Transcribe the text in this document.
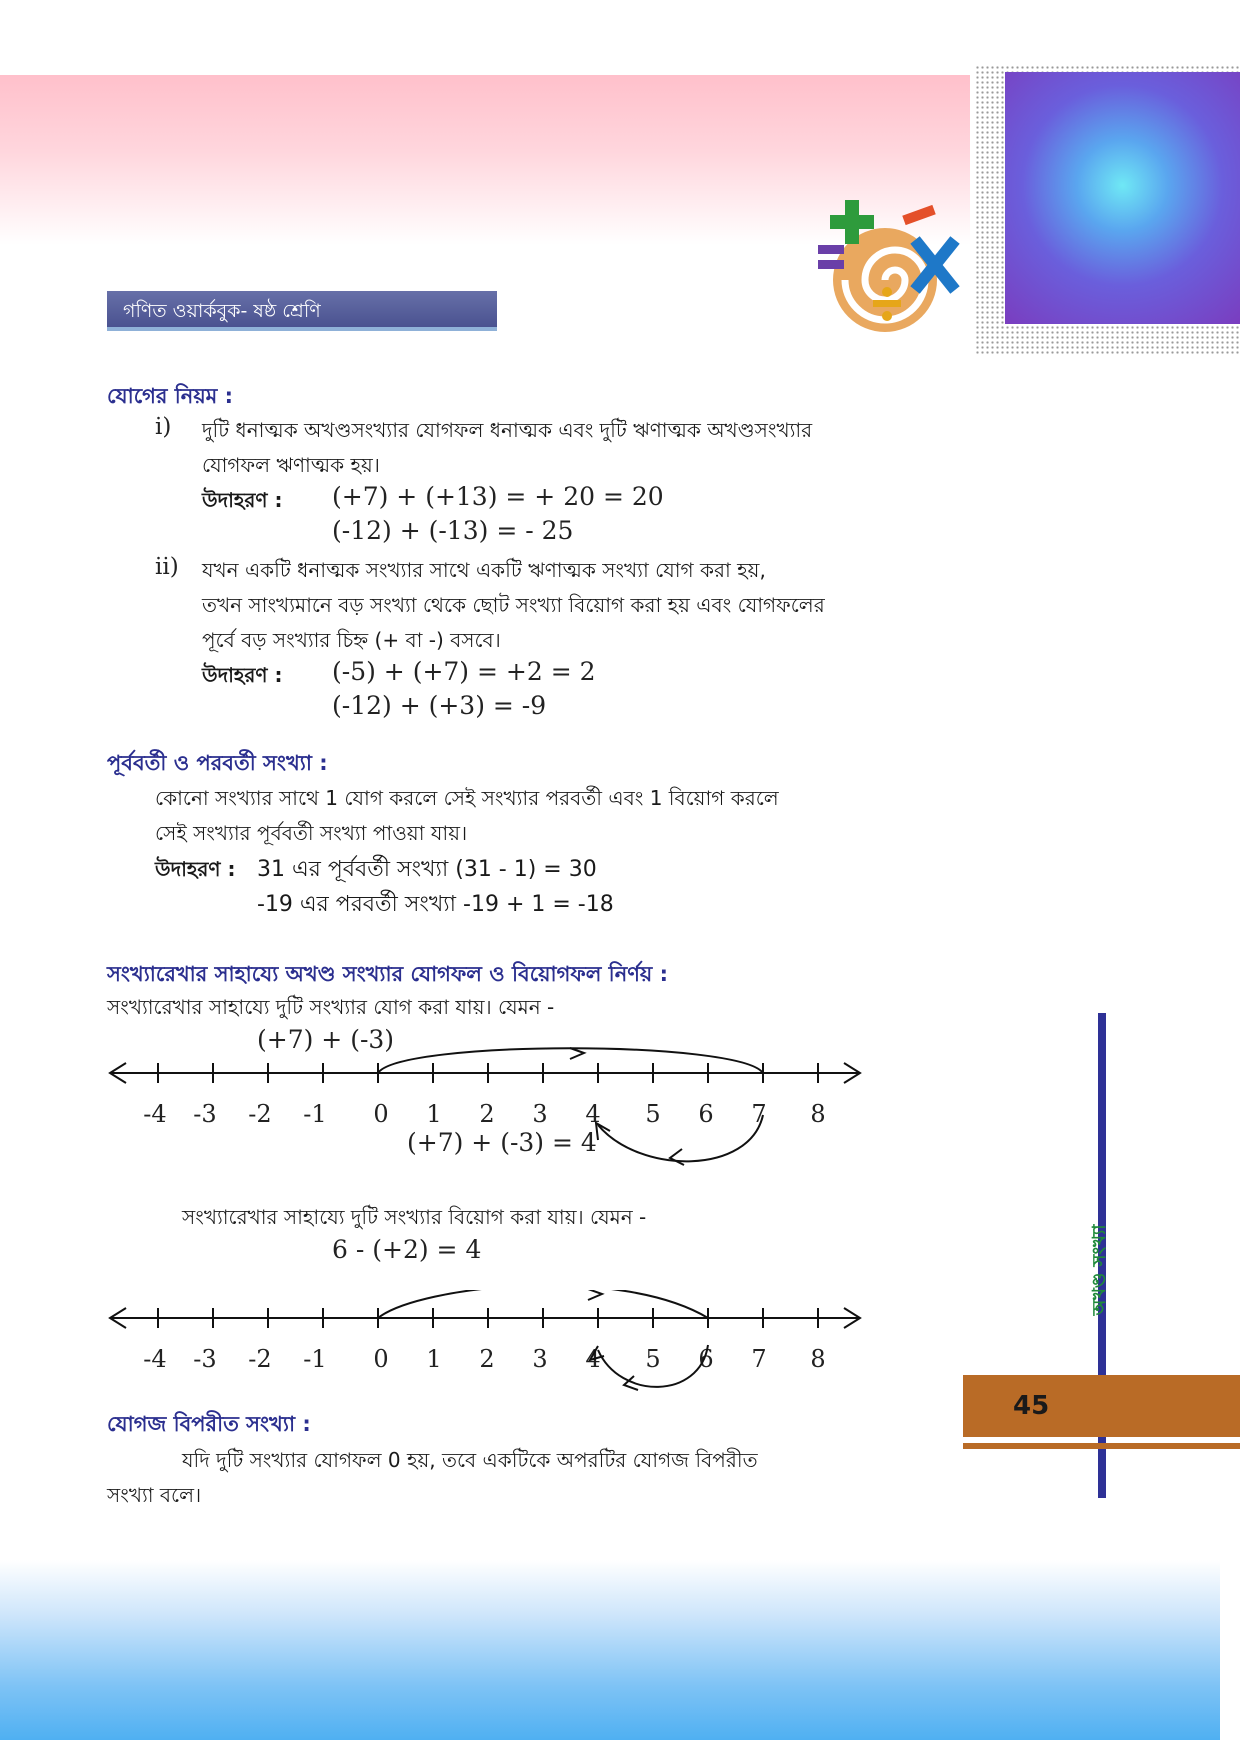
গণিত ওয়ার্কবুক- ষষ্ঠ শ্রেণি
যোগের নিয়ম :
i) দুটি ধনাত্মক অখণ্ডসংখ্যার যোগফল ধনাত্মক এবং দুটি ঋণাত্মক অখণ্ডসংখ্যার
যোগফল ঋণাত্মক হয়।
উদাহরণ : (+7) + (+13) = + 20 = 20
(-12) + (-13) = - 25
ii) যখন একটি ধনাত্মক সংখ্যার সাথে একটি ঋণাত্মক সংখ্যা যোগ করা হয়,
তখন সাংখ্যমানে বড় সংখ্যা থেকে ছোট সংখ্যা বিয়োগ করা হয় এবং যোগফলের
পূর্বে বড় সংখ্যার চিহ্ন (+ বা -) বসবে।
উদাহরণ : (-5) + (+7) = +2 = 2
(-12) + (+3) = -9
পূর্ববর্তী ও পরবর্তী সংখ্যা :
কোনো সংখ্যার সাথে 1 যোগ করলে সেই সংখ্যার পরবর্তী এবং 1 বিয়োগ করলে
সেই সংখ্যার পূর্ববর্তী সংখ্যা পাওয়া যায়।
উদাহরণ : 31 এর পূর্ববর্তী সংখ্যা (31 - 1) = 30
-19 এর পরবর্তী সংখ্যা -19 + 1 = -18
সংখ্যারেখার সাহায্যে অখণ্ড সংখ্যার যোগফল ও বিয়োগফল নির্ণয় :
সংখ্যারেখার সাহায্যে দুটি সংখ্যার যোগ করা যায়। যেমন -
(+7) + (-3)
-4 -3 -2 -1 0 1 2 3 4 5 6 7 8
(+7) + (-3) = 4
সংখ্যারেখার সাহায্যে দুটি সংখ্যার বিয়োগ করা যায়। যেমন -
6 - (+2) = 4
-4 -3 -2 -1 0 1 2 3 4 5 6 7 8
যোগজ বিপরীত সংখ্যা :
যদি দুটি সংখ্যার যোগফল 0 হয়, তবে একটিকে অপরটির যোগজ বিপরীত
সংখ্যা বলে।
অখণ্ড সংখ্যা
45
